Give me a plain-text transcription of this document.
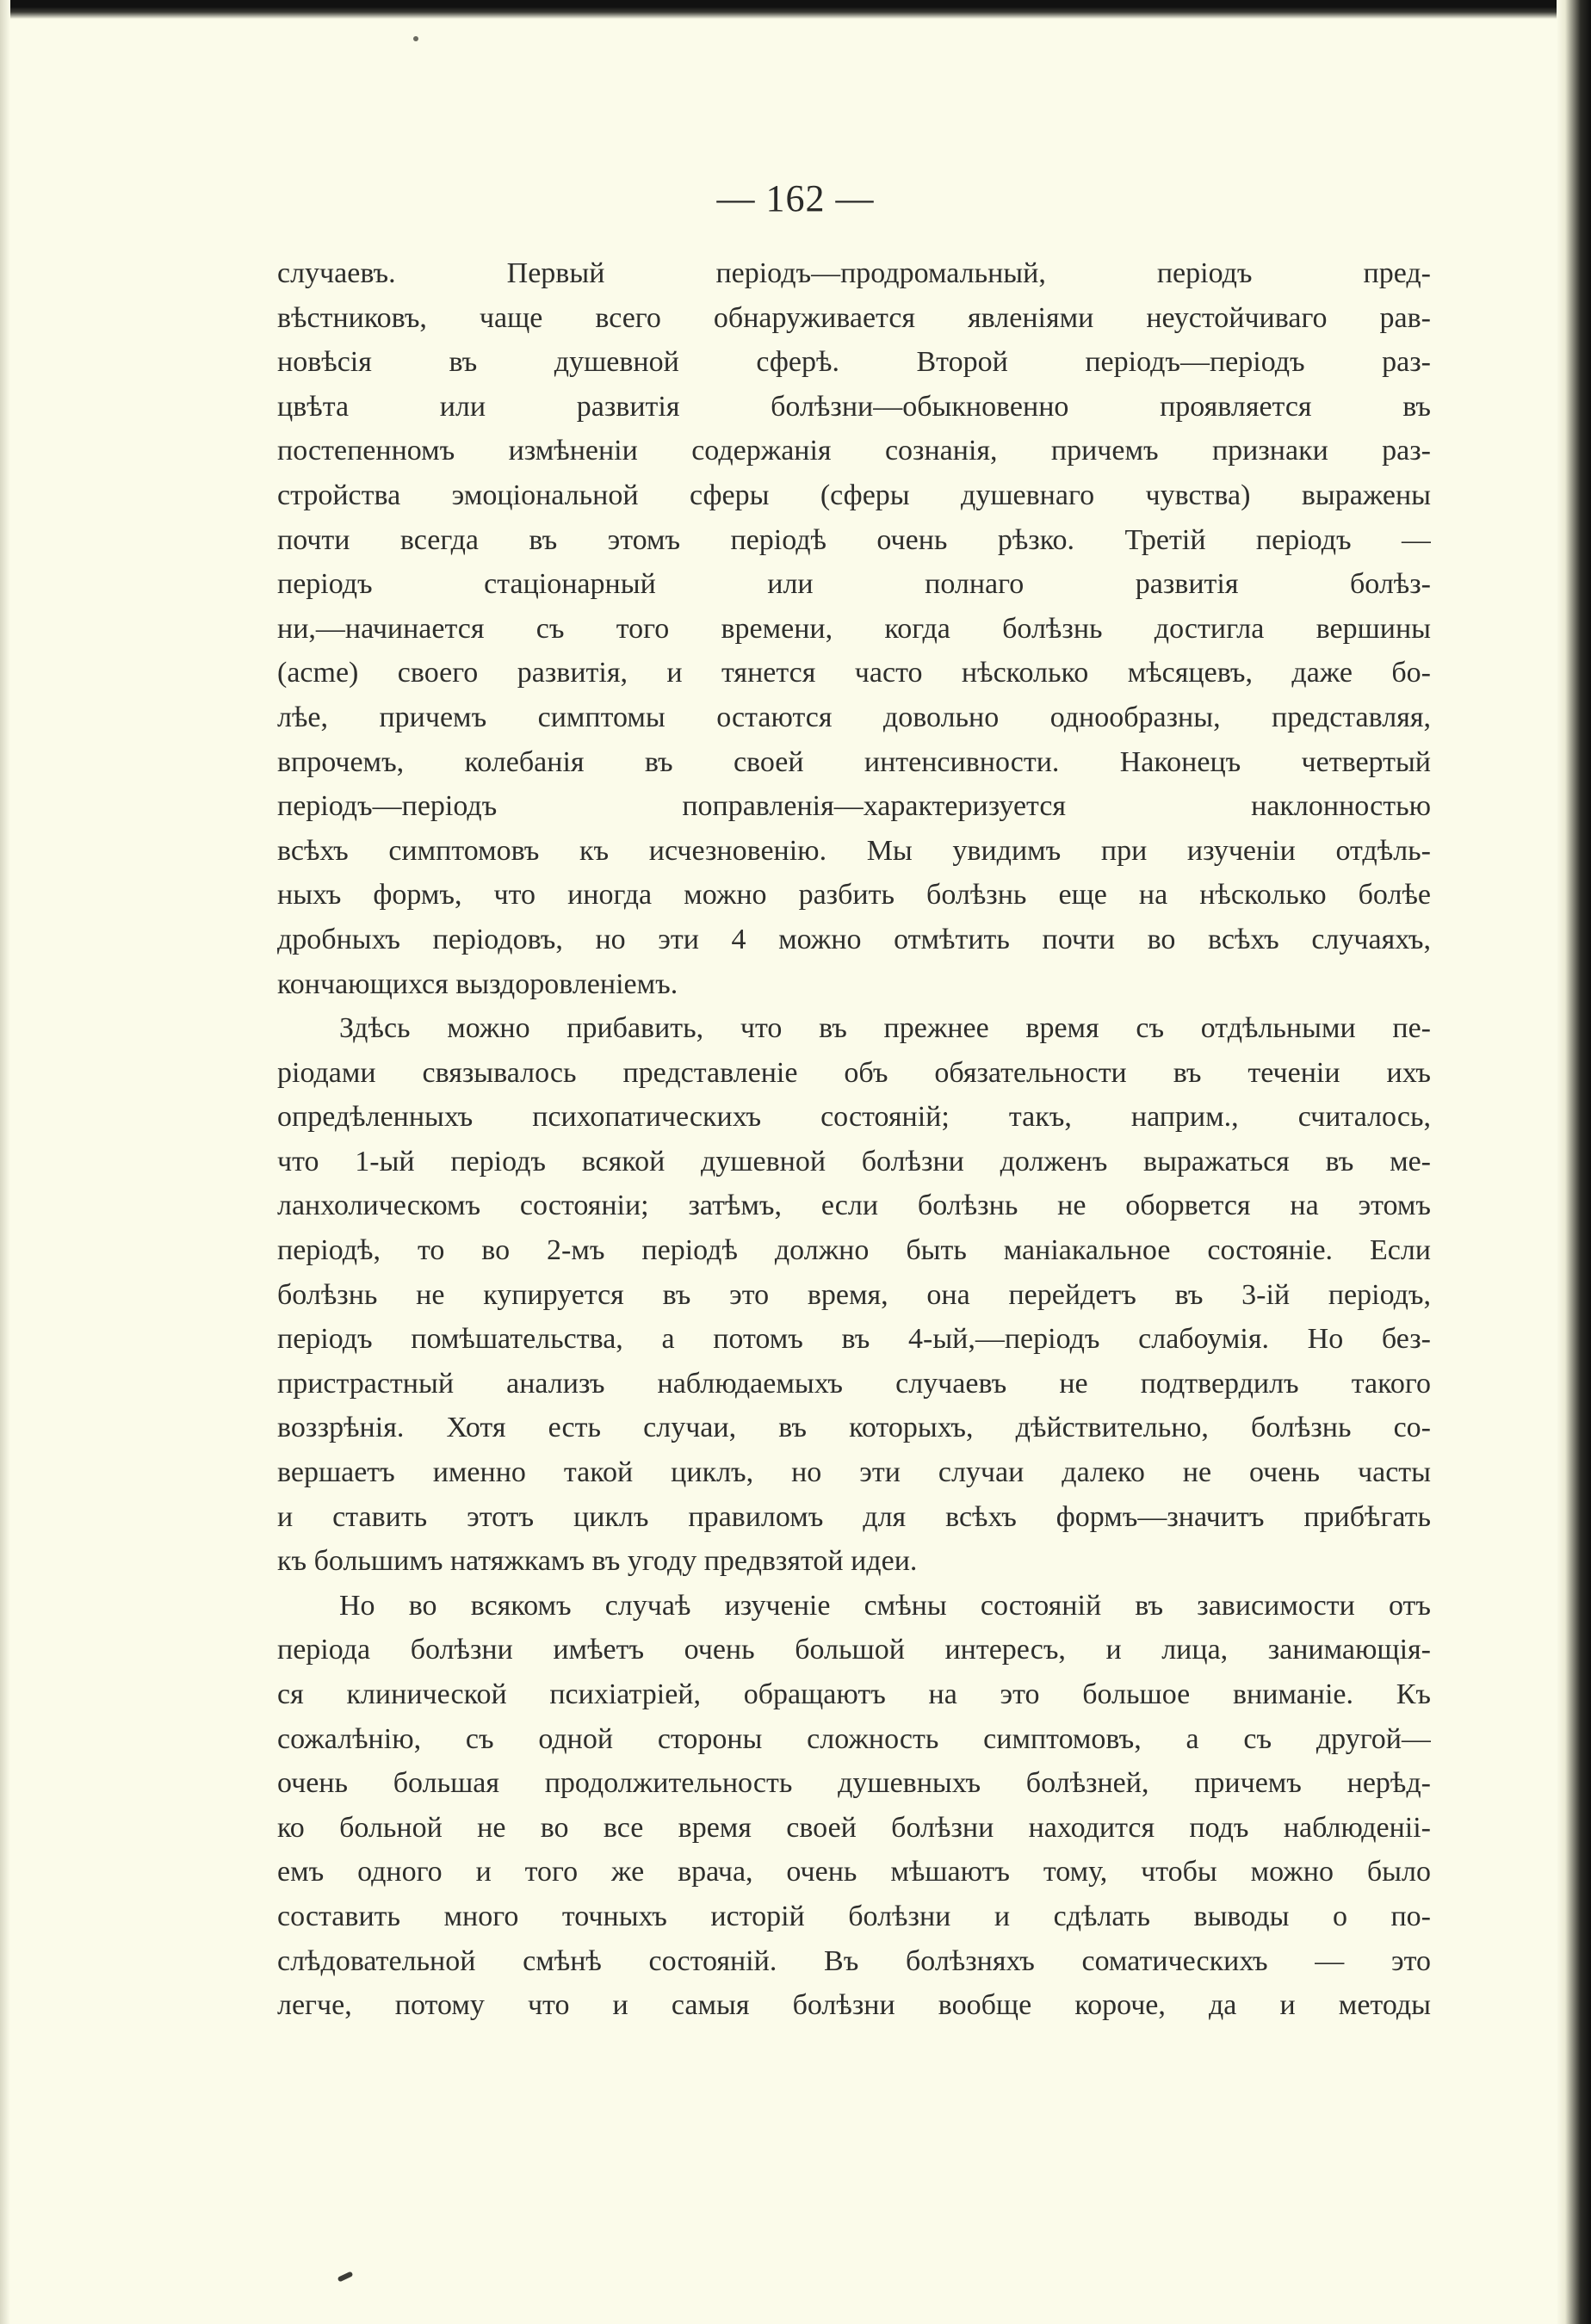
— 162 —
случаевъ. Первый періодъ—продромальный, періодъ пред-
вѣстниковъ, чаще всего обнаруживается явленіями неустойчиваго рав-
новѣсія въ душевной сферѣ. Второй періодъ—періодъ раз-
цвѣта или развитія болѣзни—обыкновенно проявляется въ
постепенномъ измѣненіи содержанія сознанія, причемъ признаки раз-
стройства эмоціональной сферы (сферы душевнаго чувства) выражены
почти всегда въ этомъ періодѣ очень рѣзко. Третій періодъ —
періодъ стаціонарный или полнаго развитія болѣз-
ни,—начинается съ того времени, когда болѣзнь достигла вершины
(acme) своего развитія, и тянется часто нѣсколько мѣсяцевъ, даже бо-
лѣе, причемъ симптомы остаются довольно однообразны, представляя,
впрочемъ, колебанія въ своей интенсивности. Наконецъ четвертый
періодъ—періодъ поправленія—характеризуется наклонностью
всѣхъ симптомовъ къ исчезновенію. Мы увидимъ при изученіи отдѣль-
ныхъ формъ, что иногда можно разбить болѣзнь еще на нѣсколько болѣе
дробныхъ періодовъ, но эти 4 можно отмѣтить почти во всѣхъ случаяхъ,
кончающихся выздоровленіемъ.
Здѣсь можно прибавить, что въ прежнее время съ отдѣльными пе-
ріодами связывалось представленіе объ обязательности въ теченіи ихъ
опредѣленныхъ психопатическихъ состояній; такъ, наприм., считалось,
что 1-ый періодъ всякой душевной болѣзни долженъ выражаться въ ме-
ланхолическомъ состояніи; затѣмъ, если болѣзнь не оборвется на этомъ
періодѣ, то во 2-мъ періодѣ должно быть маніакальное состояніе. Если
болѣзнь не купируется въ это время, она перейдетъ въ 3-ій періодъ,
періодъ помѣшательства, а потомъ въ 4-ый,—періодъ слабоумія. Но без-
пристрастный анализъ наблюдаемыхъ случаевъ не подтвердилъ такого
воззрѣнія. Хотя есть случаи, въ которыхъ, дѣйствительно, болѣзнь со-
вершаетъ именно такой циклъ, но эти случаи далеко не очень часты
и ставить этотъ циклъ правиломъ для всѣхъ формъ—значитъ прибѣгать
къ большимъ натяжкамъ въ угоду предвзятой идеи.
Но во всякомъ случаѣ изученіе смѣны состояній въ зависимости отъ
періода болѣзни имѣетъ очень большой интересъ, и лица, занимающія-
ся клинической психіатріей, обращаютъ на это большое вниманіе. Къ
сожалѣнію, съ одной стороны сложность симптомовъ, а съ другой—
очень большая продолжительность душевныхъ болѣзней, причемъ нерѣд-
ко больной не во все время своей болѣзни находится подъ наблюденіі-
емъ одного и того же врача, очень мѣшаютъ тому, чтобы можно было
составить много точныхъ исторій болѣзни и сдѣлать выводы о по-
слѣдовательной смѣнѣ состояній. Въ болѣзняхъ соматическихъ — это
легче, потому что и самыя болѣзни вообще короче, да и методы
